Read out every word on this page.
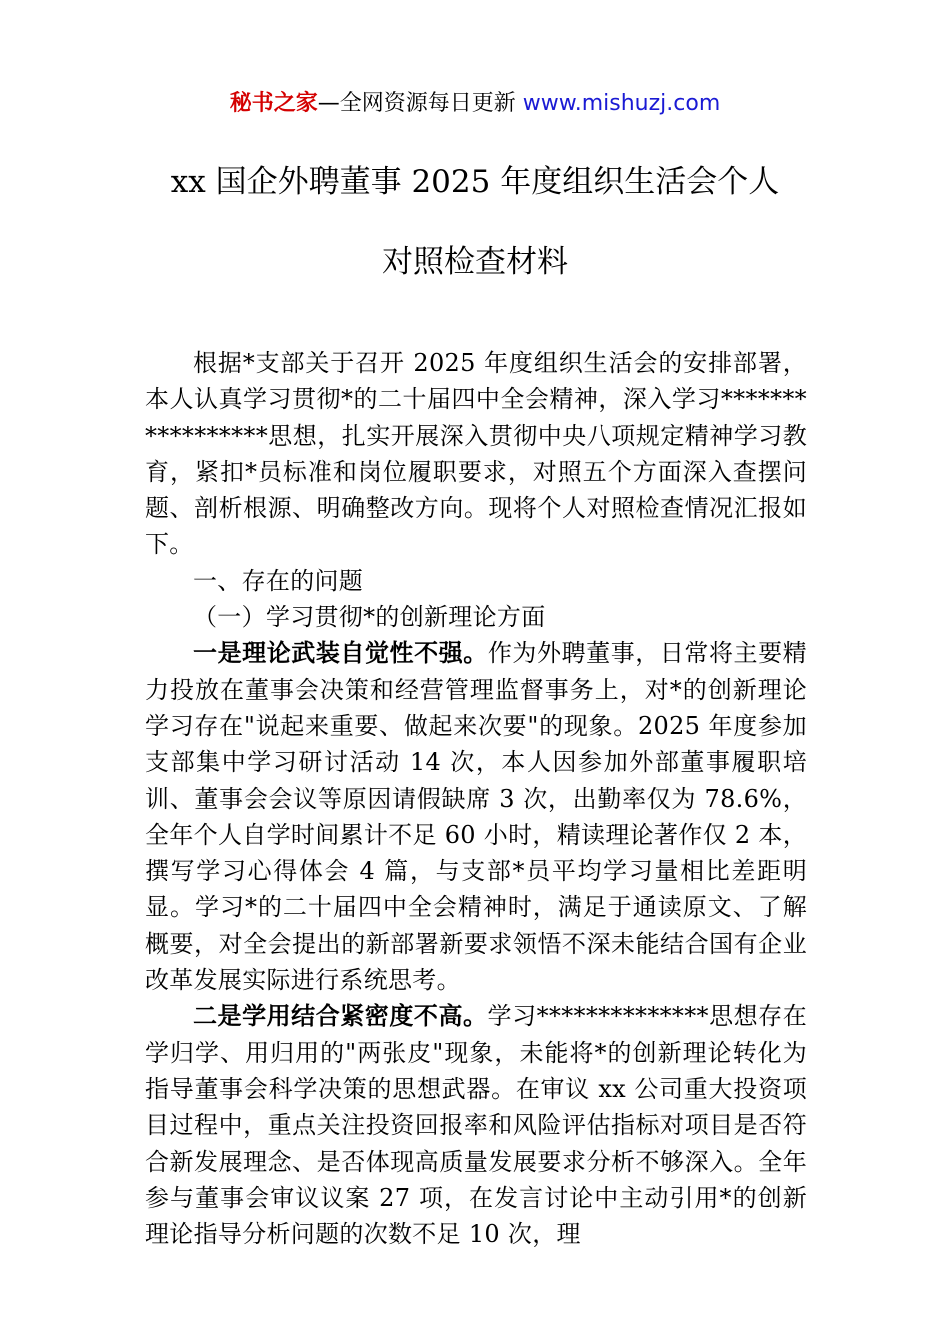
秘书之家—全网资源每日更新 www.mishuzj.com
xx 国企外聘董事 2025 年度组织生活会个人
对照检查材料

根据*支部关于召开 2025 年度组织生活会的安排部署，本人认真学习贯彻*的二十届四中全会精神，深入学习*****************思想，扎实开展深入贯彻中央八项规定精神学习教育，紧扣*员标准和岗位履职要求，对照五个方面深入查摆问题、剖析根源、明确整改方向。现将个人对照检查情况汇报如下。

一、存在的问题

（一）学习贯彻*的创新理论方面

一是理论武装自觉性不强。作为外聘董事，日常将主要精力投放在董事会决策和经营管理监督事务上，对*的创新理论学习存在"说起来重要、做起来次要"的现象。2025 年度参加支部集中学习研讨活动 14 次，本人因参加外部董事履职培训、董事会会议等原因请假缺席 3 次，出勤率仅为 78.6%，全年个人自学时间累计不足 60 小时，精读理论著作仅 2 本，撰写学习心得体会 4 篇，与支部*员平均学习量相比差距明显。学习*的二十届四中全会精神时，满足于通读原文、了解概要，对全会提出的新部署新要求领悟不深未能结合国有企业改革发展实际进行系统思考。

二是学用结合紧密度不高。学习**************思想存在学归学、用归用的"两张皮"现象，未能将*的创新理论转化为指导董事会科学决策的思想武器。在审议 xx 公司重大投资项目过程中，重点关注投资回报率和风险评估指标对项目是否符合新发展理念、是否体现高质量发展要求分析不够深入。全年参与董事会审议议案 27 项，在发言讨论中主动引用*的创新理论指导分析问题的次数不足 10 次，理
